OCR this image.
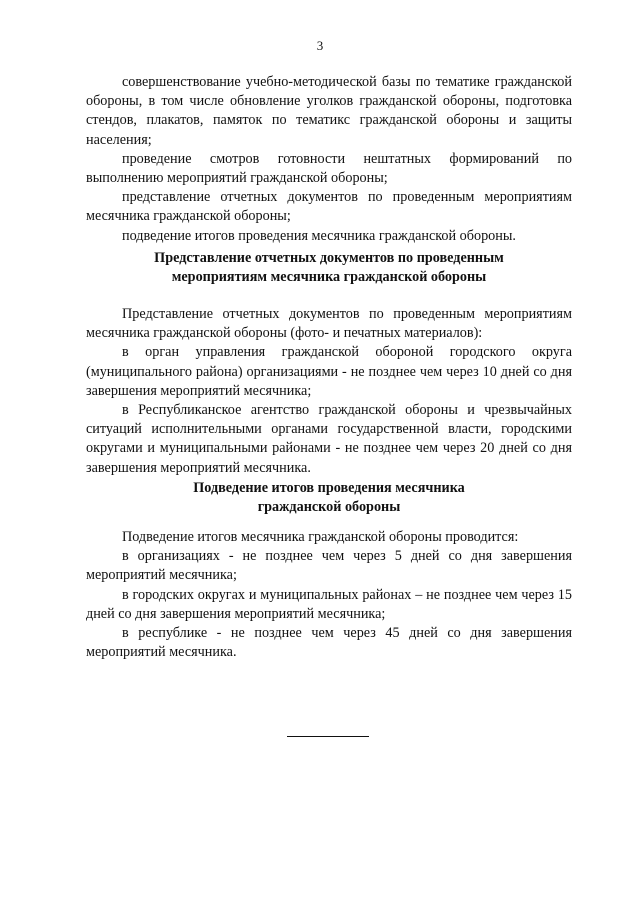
3

совершенствование учебно-методической базы по тематике гражданской обороны, в том числе обновление уголков гражданской обороны, подготовка стендов, плакатов, памяток по тематикс гражданской обороны и защиты населения;

проведение смотров готовности нештатных формирований по выполнению мероприятий гражданской обороны;

представление отчетных документов по проведенным мероприятиям месячника гражданской обороны;

подведение итогов проведения месячника гражданской обороны.

Представление отчетных документов по проведенным
мероприятиям месячника гражданской обороны

Представление отчетных документов по проведенным мероприятиям месячника гражданской обороны (фото- и печатных материалов):

в орган управления гражданской обороной городского округа (муниципального района) организациями - не позднее чем через 10 дней со дня завершения мероприятий месячника;

в Республиканское агентство гражданской обороны и чрезвычайных ситуаций исполнительными органами государственной власти, городскими округами и муниципальными районами - не позднее чем через 20 дней со дня завершения мероприятий месячника.

Подведение итогов проведения месячника
гражданской обороны

Подведение итогов месячника гражданской обороны проводится:

в организациях - не позднее чем через 5 дней со дня завершения мероприятий месячника;

в городских округах и муниципальных районах – не позднее чем через 15 дней со дня завершения мероприятий месячника;

в республике - не позднее чем через 45 дней со дня завершения мероприятий месячника.
